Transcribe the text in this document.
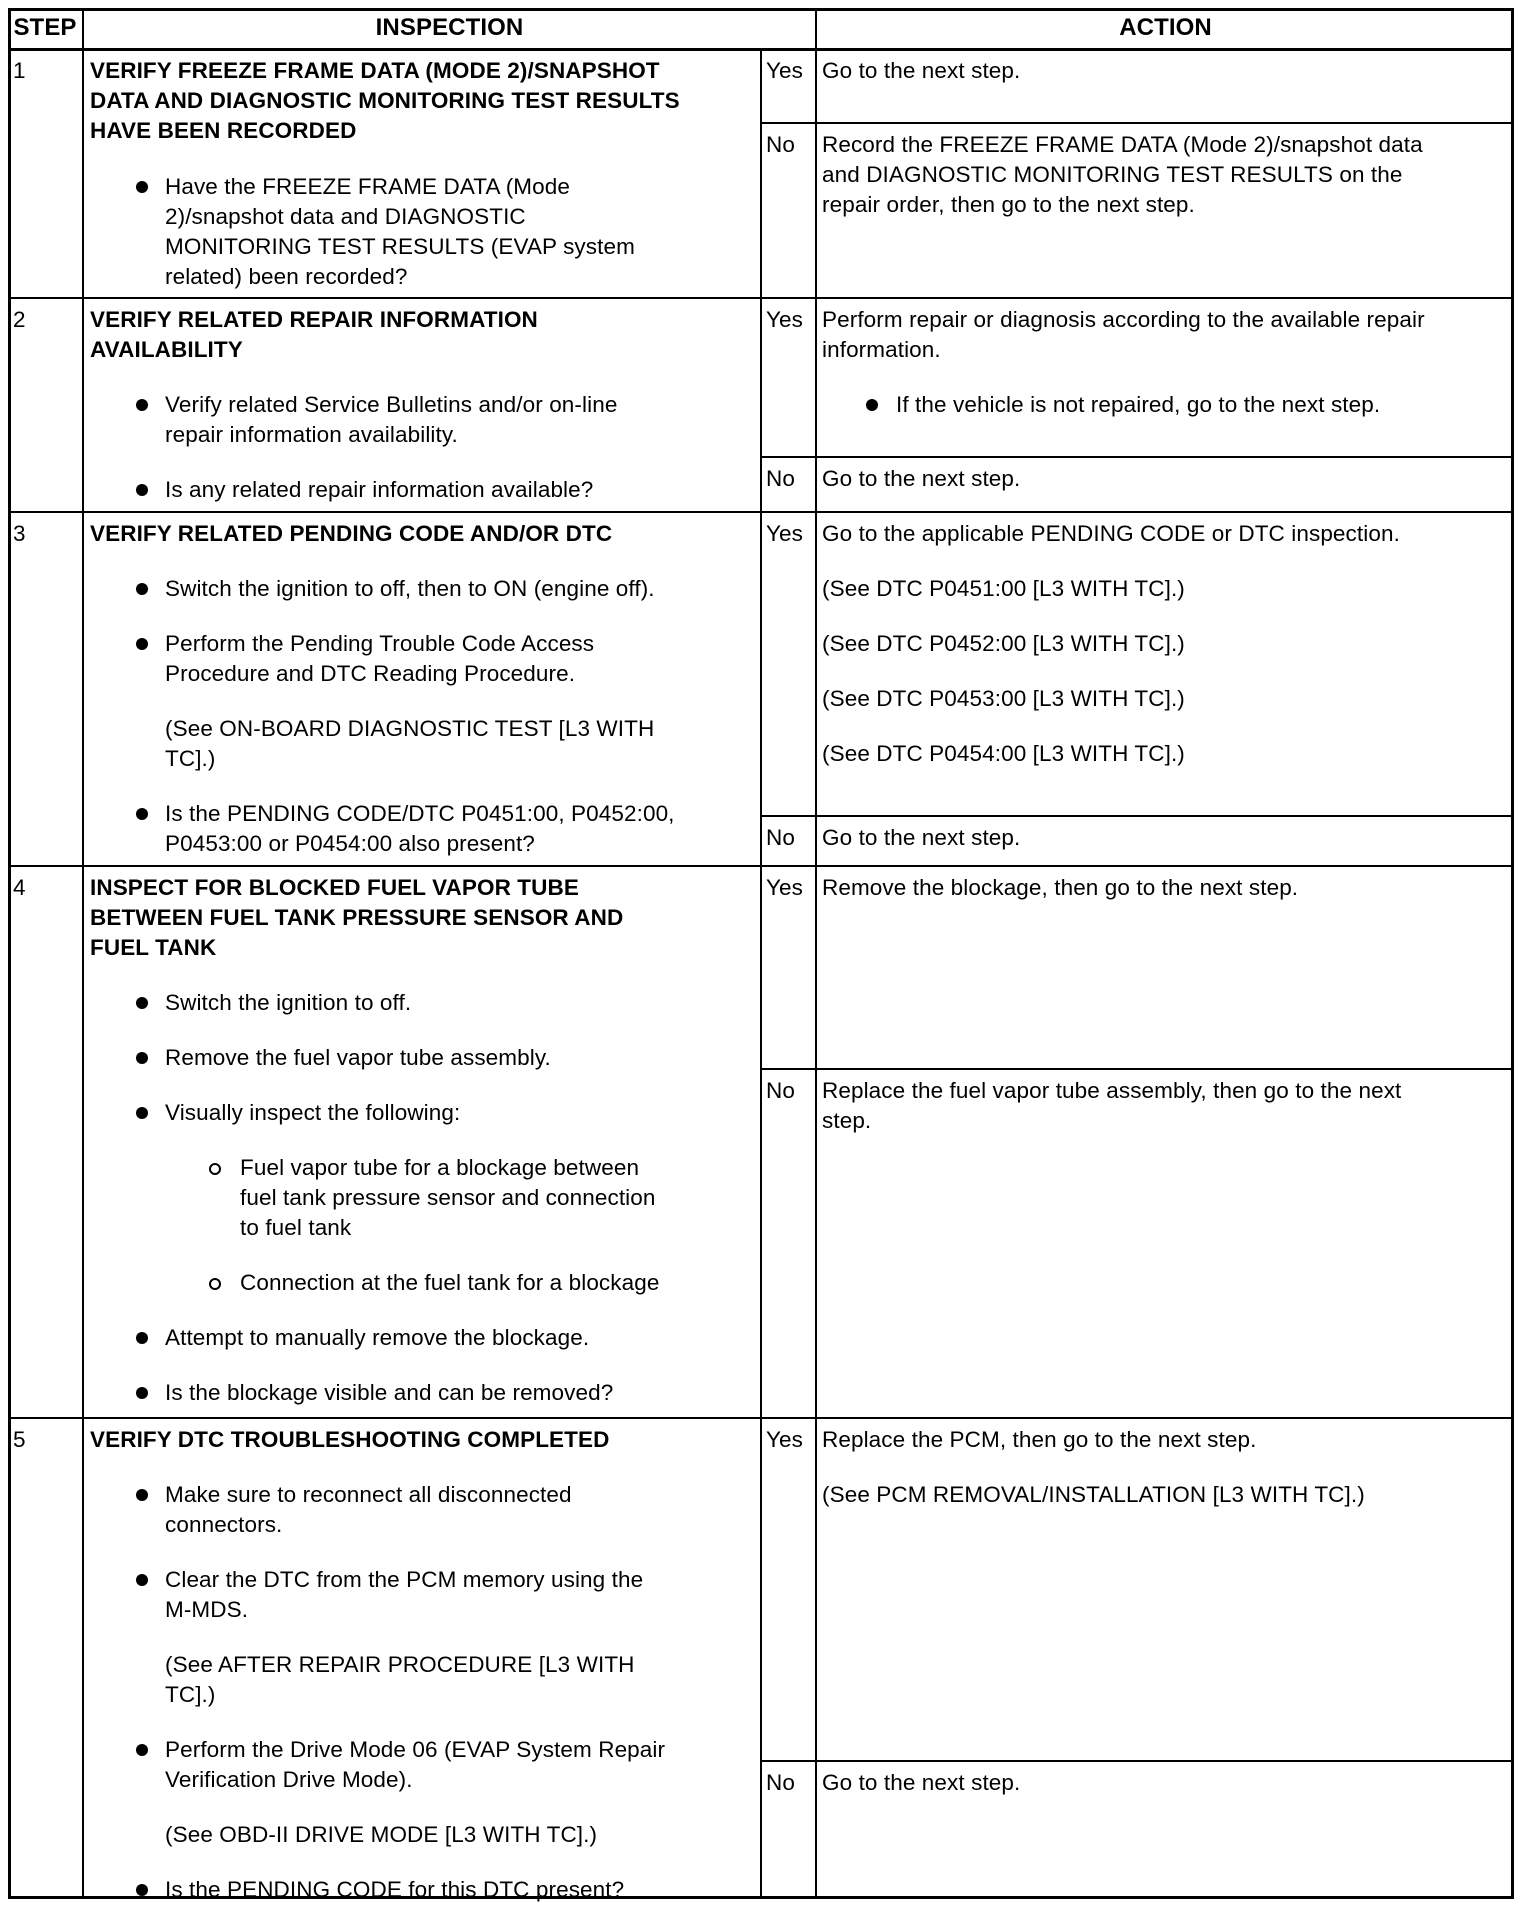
STEP	INSPECTION	ACTION
1	VERIFY FREEZE FRAME DATA (MODE 2)/SNAPSHOT
DATA AND DIAGNOSTIC MONITORING TEST RESULTS
HAVE BEEN RECORDED
Have the FREEZE FRAME DATA (Mode
2)/snapshot data and DIAGNOSTIC
MONITORING TEST RESULTS (EVAP system
related) been recorded?
Yes Go to the next step.
No Record the FREEZE FRAME DATA (Mode 2)/snapshot data
and DIAGNOSTIC MONITORING TEST RESULTS on the
repair order, then go to the next step.
2	VERIFY RELATED REPAIR INFORMATION
AVAILABILITY
Verify related Service Bulletins and/or on-line
repair information availability.
Is any related repair information available?
Yes Perform repair or diagnosis according to the available repair
information.
If the vehicle is not repaired, go to the next step.
No Go to the next step.
3	VERIFY RELATED PENDING CODE AND/OR DTC
Switch the ignition to off, then to ON (engine off).
Perform the Pending Trouble Code Access
Procedure and DTC Reading Procedure.
(See ON-BOARD DIAGNOSTIC TEST [L3 WITH
TC].)
Is the PENDING CODE/DTC P0451:00, P0452:00,
P0453:00 or P0454:00 also present?
Yes Go to the applicable PENDING CODE or DTC inspection.
(See DTC P0451:00 [L3 WITH TC].)
(See DTC P0452:00 [L3 WITH TC].)
(See DTC P0453:00 [L3 WITH TC].)
(See DTC P0454:00 [L3 WITH TC].)
No Go to the next step.
4	INSPECT FOR BLOCKED FUEL VAPOR TUBE
BETWEEN FUEL TANK PRESSURE SENSOR AND
FUEL TANK
Switch the ignition to off.
Remove the fuel vapor tube assembly.
Visually inspect the following:
Fuel vapor tube for a blockage between
fuel tank pressure sensor and connection
to fuel tank
Connection at the fuel tank for a blockage
Attempt to manually remove the blockage.
Is the blockage visible and can be removed?
Yes Remove the blockage, then go to the next step.
No Replace the fuel vapor tube assembly, then go to the next
step.
5	VERIFY DTC TROUBLESHOOTING COMPLETED
Make sure to reconnect all disconnected
connectors.
Clear the DTC from the PCM memory using the
M-MDS.
(See AFTER REPAIR PROCEDURE [L3 WITH
TC].)
Perform the Drive Mode 06 (EVAP System Repair
Verification Drive Mode).
(See OBD-II DRIVE MODE [L3 WITH TC].)
Is the PENDING CODE for this DTC present?
Yes Replace the PCM, then go to the next step.
(See PCM REMOVAL/INSTALLATION [L3 WITH TC].)
No Go to the next step.
